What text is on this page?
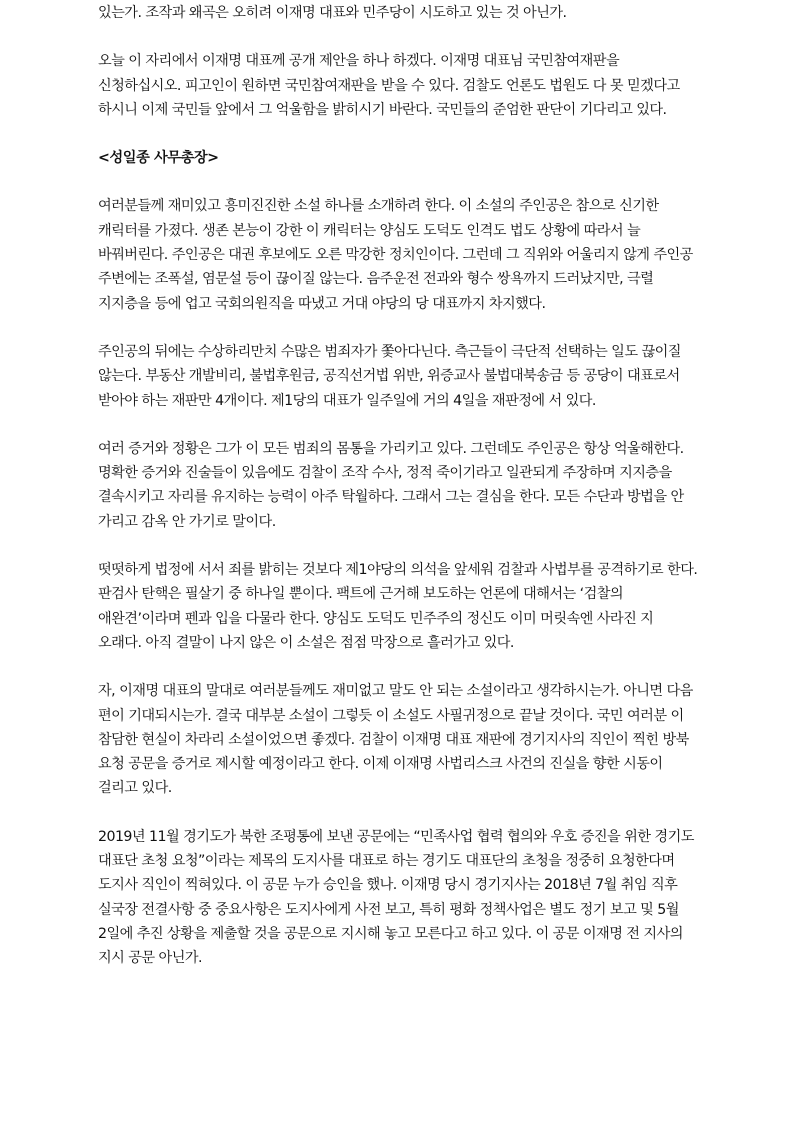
있는가. 조작과 왜곡은 오히려 이재명 대표와 민주당이 시도하고 있는 것 아닌가.

오늘 이 자리에서 이재명 대표께 공개 제안을 하나 하겠다. 이재명 대표님 국민참여재판을 신청하십시오. 피고인이 원하면 국민참여재판을 받을 수 있다. 검찰도 언론도 법원도 다 못 믿겠다고 하시니 이제 국민들 앞에서 그 억울함을 밝히시기 바란다. 국민들의 준엄한 판단이 기다리고 있다.

<성일종 사무총장>

여러분들께 재미있고 흥미진진한 소설 하나를 소개하려 한다. 이 소설의 주인공은 참으로 신기한 캐릭터를 가졌다. 생존 본능이 강한 이 캐릭터는 양심도 도덕도 인격도 법도 상황에 따라서 늘 바꿔버린다. 주인공은 대권 후보에도 오른 막강한 정치인이다. 그런데 그 직위와 어울리지 않게 주인공 주변에는 조폭설, 염문설 등이 끊이질 않는다. 음주운전 전과와 형수 쌍욕까지 드러났지만, 극렬 지지층을 등에 업고 국회의원직을 따냈고 거대 야당의 당 대표까지 차지했다.

주인공의 뒤에는 수상하리만치 수많은 범죄자가 쫓아다닌다. 측근들이 극단적 선택하는 일도 끊이질 않는다. 부동산 개발비리, 불법후원금, 공직선거법 위반, 위증교사 불법대북송금 등 공당이 대표로서 받아야 하는 재판만 4개이다. 제1당의 대표가 일주일에 거의 4일을 재판정에 서 있다.

여러 증거와 정황은 그가 이 모든 범죄의 몸통을 가리키고 있다. 그런데도 주인공은 항상 억울해한다. 명확한 증거와 진술들이 있음에도 검찰이 조작 수사, 정적 죽이기라고 일관되게 주장하며 지지층을 결속시키고 자리를 유지하는 능력이 아주 탁월하다. 그래서 그는 결심을 한다. 모든 수단과 방법을 안 가리고 감옥 안 가기로 말이다.

떳떳하게 법정에 서서 죄를 밝히는 것보다 제1야당의 의석을 앞세워 검찰과 사법부를 공격하기로 한다. 판검사 탄핵은 필살기 중 하나일 뿐이다. 팩트에 근거해 보도하는 언론에 대해서는 ‘검찰의 애완견’이라며 펜과 입을 다물라 한다. 양심도 도덕도 민주주의 정신도 이미 머릿속엔 사라진 지 오래다. 아직 결말이 나지 않은 이 소설은 점점 막장으로 흘러가고 있다.

자, 이재명 대표의 말대로 여러분들께도 재미없고 말도 안 되는 소설이라고 생각하시는가. 아니면 다음 편이 기대되시는가. 결국 대부분 소설이 그렇듯 이 소설도 사필귀정으로 끝날 것이다. 국민 여러분 이 참담한 현실이 차라리 소설이었으면 좋겠다. 검찰이 이재명 대표 재판에 경기지사의 직인이 찍힌 방북 요청 공문을 증거로 제시할 예정이라고 한다. 이제 이재명 사법리스크 사건의 진실을 향한 시동이 걸리고 있다.

2019년 11월 경기도가 북한 조평통에 보낸 공문에는 “민족사업 협력 협의와 우호 증진을 위한 경기도 대표단 초청 요청”이라는 제목의 도지사를 대표로 하는 경기도 대표단의 초청을 정중히 요청한다며 도지사 직인이 찍혀있다. 이 공문 누가 승인을 했나. 이재명 당시 경기지사는 2018년 7월 취임 직후 실국장 전결사항 중 중요사항은 도지사에게 사전 보고, 특히 평화 정책사업은 별도 정기 보고 및 5월 2일에 추진 상황을 제출할 것을 공문으로 지시해 놓고 모른다고 하고 있다. 이 공문 이재명 전 지사의 지시 공문 아닌가.
